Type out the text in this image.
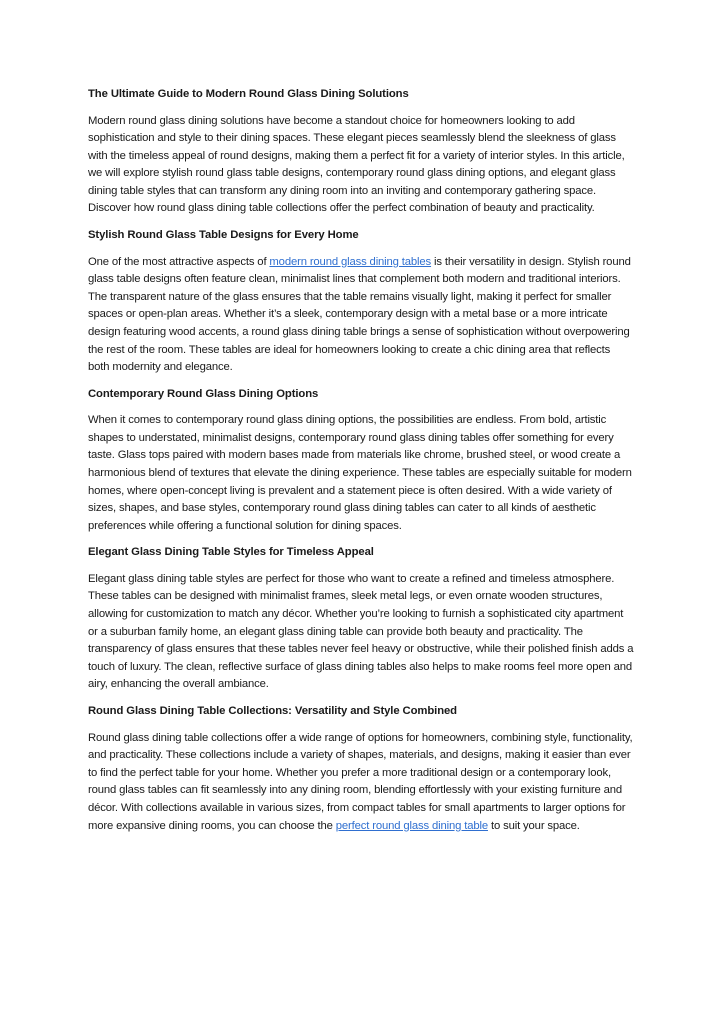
The Ultimate Guide to Modern Round Glass Dining Solutions

Modern round glass dining solutions have become a standout choice for homeowners looking to add sophistication and style to their dining spaces. These elegant pieces seamlessly blend the sleekness of glass with the timeless appeal of round designs, making them a perfect fit for a variety of interior styles. In this article, we will explore stylish round glass table designs, contemporary round glass dining options, and elegant glass dining table styles that can transform any dining room into an inviting and contemporary gathering space. Discover how round glass dining table collections offer the perfect combination of beauty and practicality.

Stylish Round Glass Table Designs for Every Home

One of the most attractive aspects of modern round glass dining tables is their versatility in design. Stylish round glass table designs often feature clean, minimalist lines that complement both modern and traditional interiors. The transparent nature of the glass ensures that the table remains visually light, making it perfect for smaller spaces or open-plan areas. Whether it’s a sleek, contemporary design with a metal base or a more intricate design featuring wood accents, a round glass dining table brings a sense of sophistication without overpowering the rest of the room. These tables are ideal for homeowners looking to create a chic dining area that reflects both modernity and elegance.

Contemporary Round Glass Dining Options

When it comes to contemporary round glass dining options, the possibilities are endless. From bold, artistic shapes to understated, minimalist designs, contemporary round glass dining tables offer something for every taste. Glass tops paired with modern bases made from materials like chrome, brushed steel, or wood create a harmonious blend of textures that elevate the dining experience. These tables are especially suitable for modern homes, where open-concept living is prevalent and a statement piece is often desired. With a wide variety of sizes, shapes, and base styles, contemporary round glass dining tables can cater to all kinds of aesthetic preferences while offering a functional solution for dining spaces.

Elegant Glass Dining Table Styles for Timeless Appeal

Elegant glass dining table styles are perfect for those who want to create a refined and timeless atmosphere. These tables can be designed with minimalist frames, sleek metal legs, or even ornate wooden structures, allowing for customization to match any décor. Whether you’re looking to furnish a sophisticated city apartment or a suburban family home, an elegant glass dining table can provide both beauty and practicality. The transparency of glass ensures that these tables never feel heavy or obstructive, while their polished finish adds a touch of luxury. The clean, reflective surface of glass dining tables also helps to make rooms feel more open and airy, enhancing the overall ambiance.

Round Glass Dining Table Collections: Versatility and Style Combined

Round glass dining table collections offer a wide range of options for homeowners, combining style, functionality, and practicality. These collections include a variety of shapes, materials, and designs, making it easier than ever to find the perfect table for your home. Whether you prefer a more traditional design or a contemporary look, round glass tables can fit seamlessly into any dining room, blending effortlessly with your existing furniture and décor. With collections available in various sizes, from compact tables for small apartments to larger options for more expansive dining rooms, you can choose the perfect round glass dining table to suit your space.
